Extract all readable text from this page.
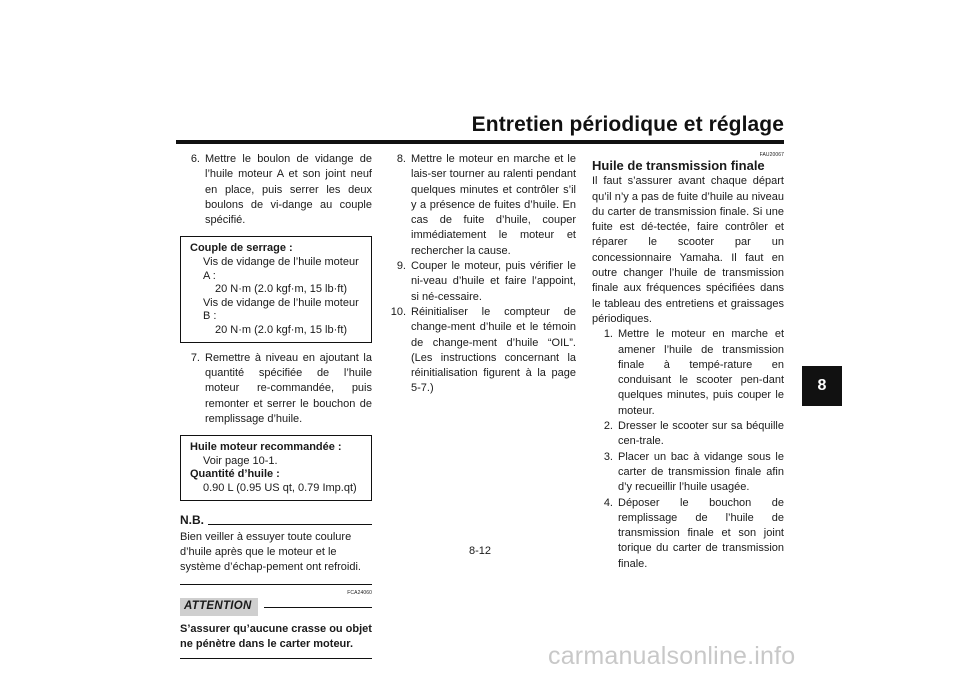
Entretien périodique et réglage
8
6. Mettre le boulon de vidange de l’huile moteur A et son joint neuf en place, puis serrer les deux boulons de vi-dange au couple spécifié.
Couple de serrage :
Vis de vidange de l’huile moteur A :
20 N·m (2.0 kgf·m, 15 lb·ft)
Vis de vidange de l’huile moteur B :
20 N·m (2.0 kgf·m, 15 lb·ft)
7. Remettre à niveau en ajoutant la quantité spécifiée de l’huile moteur re-commandée, puis remonter et serrer le bouchon de remplissage d’huile.
Huile moteur recommandée :
Voir page 10-1.
Quantité d’huile :
0.90 L (0.95 US qt, 0.79 Imp.qt)
N.B.
Bien veiller à essuyer toute coulure d’huile après que le moteur et le système d’échap-pement ont refroidi.
FCA24060
ATTENTION
S’assurer qu’aucune crasse ou objet ne pénètre dans le carter moteur.
8. Mettre le moteur en marche et le lais-ser tourner au ralenti pendant quelques minutes et contrôler s’il y a présence de fuites d’huile. En cas de fuite d’huile, couper immédiatement le moteur et rechercher la cause.
9. Couper le moteur, puis vérifier le ni-veau d’huile et faire l’appoint, si né-cessaire.
10. Réinitialiser le compteur de change-ment d’huile et le témoin de change-ment d’huile “OIL”. (Les instructions concernant la réinitialisation figurent à la page 5-7.)
FAU20067
Huile de transmission finale
Il faut s’assurer avant chaque départ qu’il n’y a pas de fuite d’huile au niveau du carter de transmission finale. Si une fuite est dé-tectée, faire contrôler et réparer le scooter par un concessionnaire Yamaha. Il faut en outre changer l’huile de transmission finale aux fréquences spécifiées dans le tableau des entretiens et graissages périodiques.
1. Mettre le moteur en marche et amener l’huile de transmission finale à tempé-rature en conduisant le scooter pen-dant quelques minutes, puis couper le moteur.
2. Dresser le scooter sur sa béquille cen-trale.
3. Placer un bac à vidange sous le carter de transmission finale afin d’y recueillir l’huile usagée.
4. Déposer le bouchon de remplissage de l’huile de transmission finale et son joint torique du carter de transmission finale.
8-12
carmanualsonline.info
